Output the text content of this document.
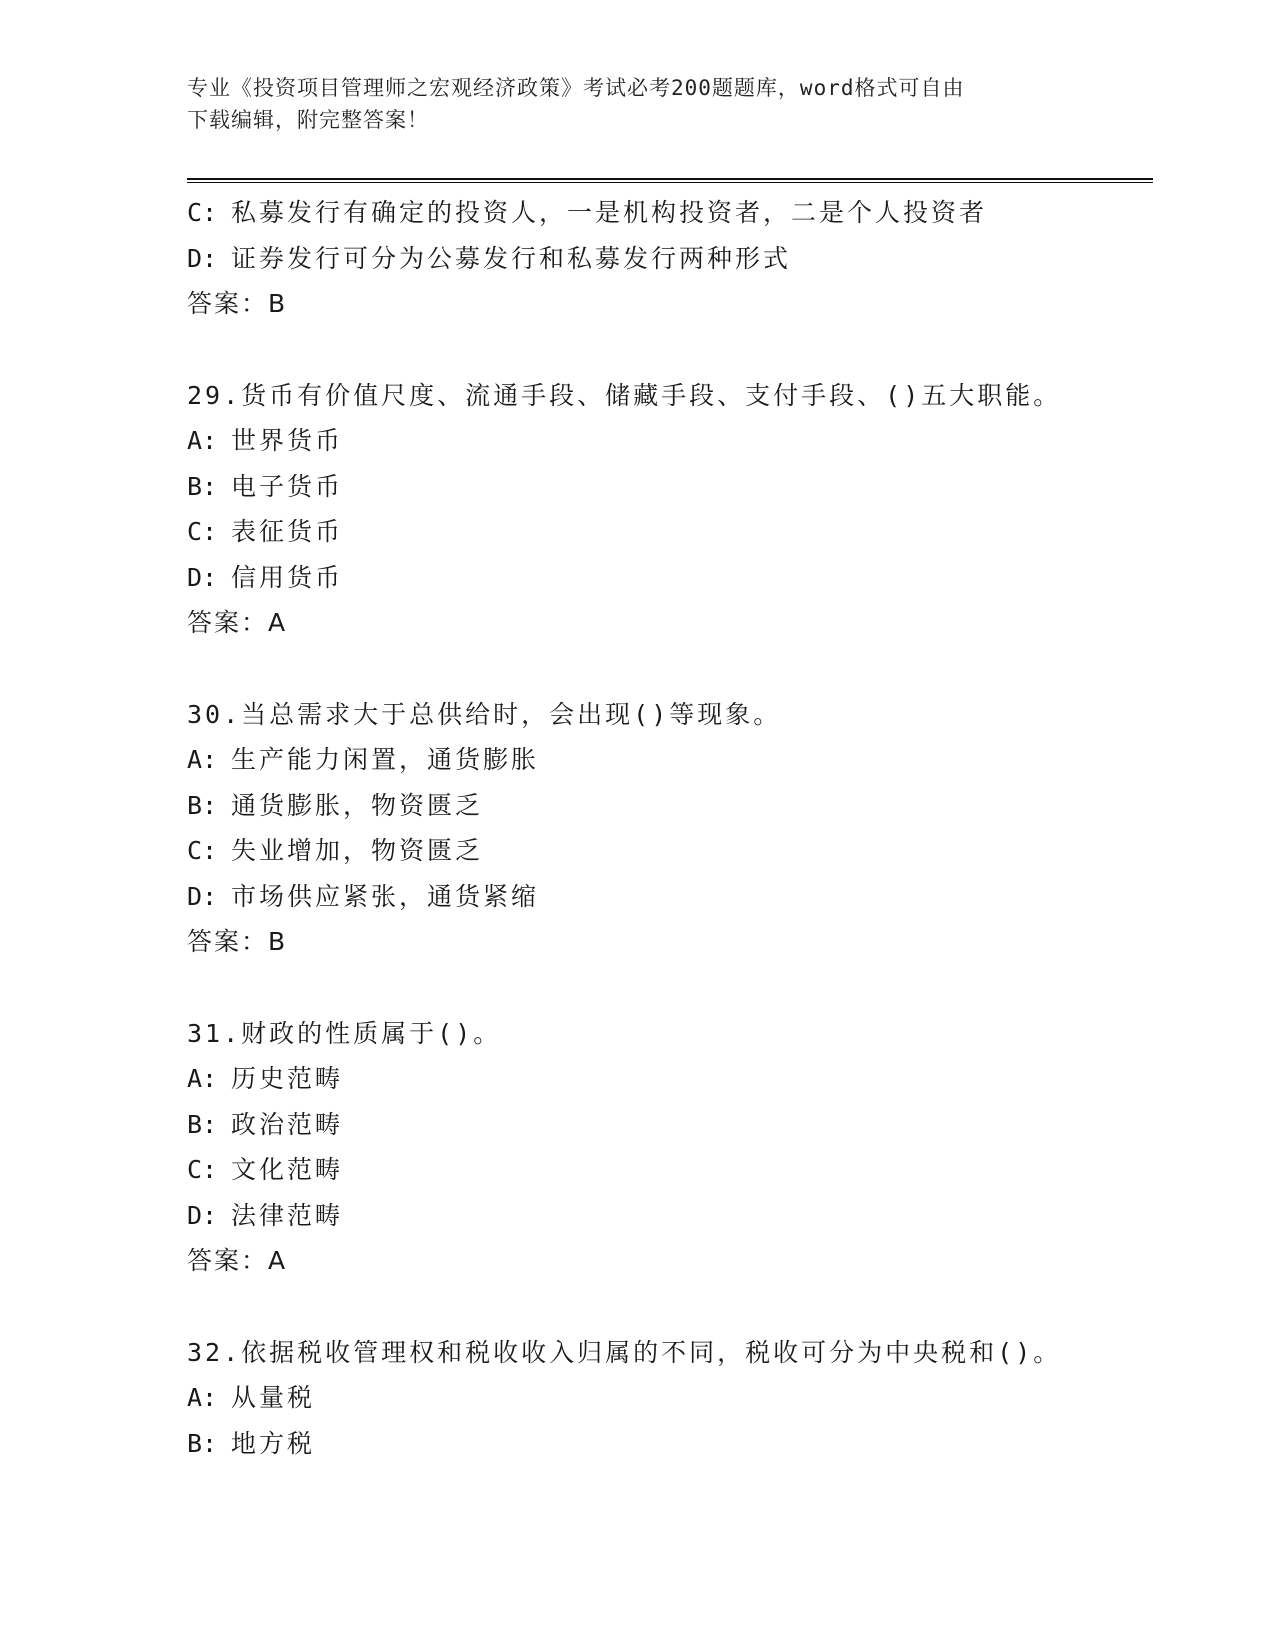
专业《投资项目管理师之宏观经济政策》考试必考200题题库，word格式可自由
下载编辑，附完整答案！
C: 私募发行有确定的投资人，一是机构投资者，二是个人投资者
D: 证券发行可分为公募发行和私募发行两种形式
答案：B
29.货币有价值尺度、流通手段、储藏手段、支付手段、()五大职能。
A: 世界货币
B: 电子货币
C: 表征货币
D: 信用货币
答案：A
30.当总需求大于总供给时，会出现()等现象。
A: 生产能力闲置，通货膨胀
B: 通货膨胀，物资匮乏
C: 失业增加，物资匮乏
D: 市场供应紧张，通货紧缩
答案：B
31.财政的性质属于()。
A: 历史范畴
B: 政治范畴
C: 文化范畴
D: 法律范畴
答案：A
32.依据税收管理权和税收收入归属的不同，税收可分为中央税和()。
A: 从量税
B: 地方税
